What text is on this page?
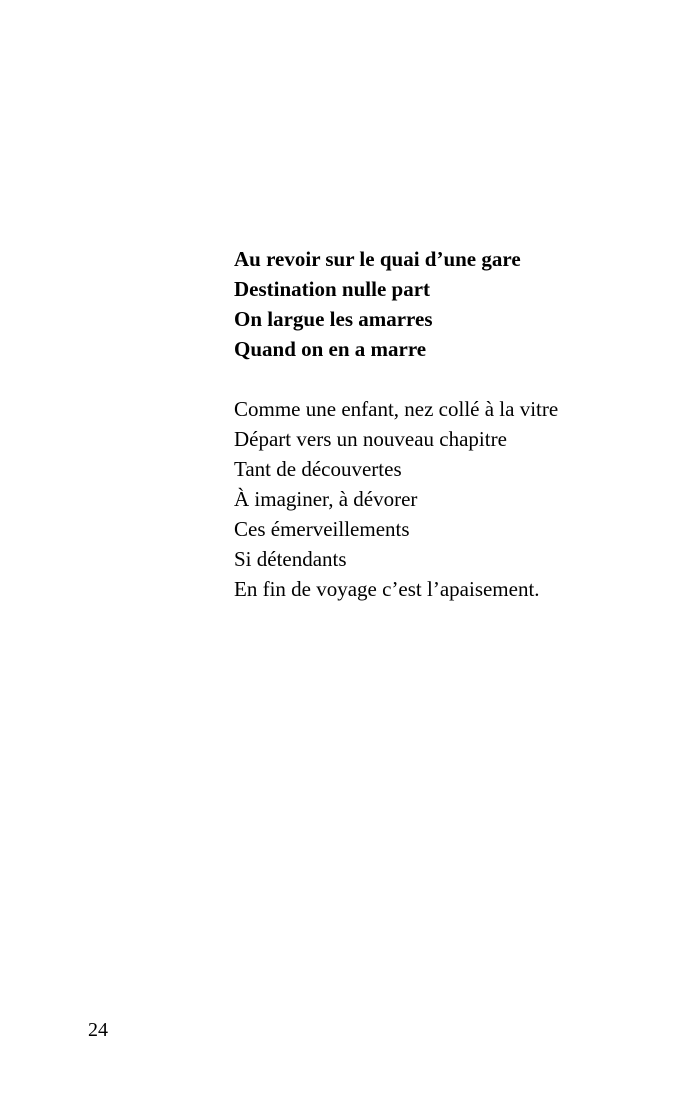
Au revoir sur le quai d’une gare
Destination nulle part
On largue les amarres
Quand on en a marre
Comme une enfant, nez collé à la vitre
Départ vers un nouveau chapitre
Tant de découvertes
À imaginer, à dévorer
Ces émerveillements
Si détendants
En fin de voyage c’est l’apaisement.
24
